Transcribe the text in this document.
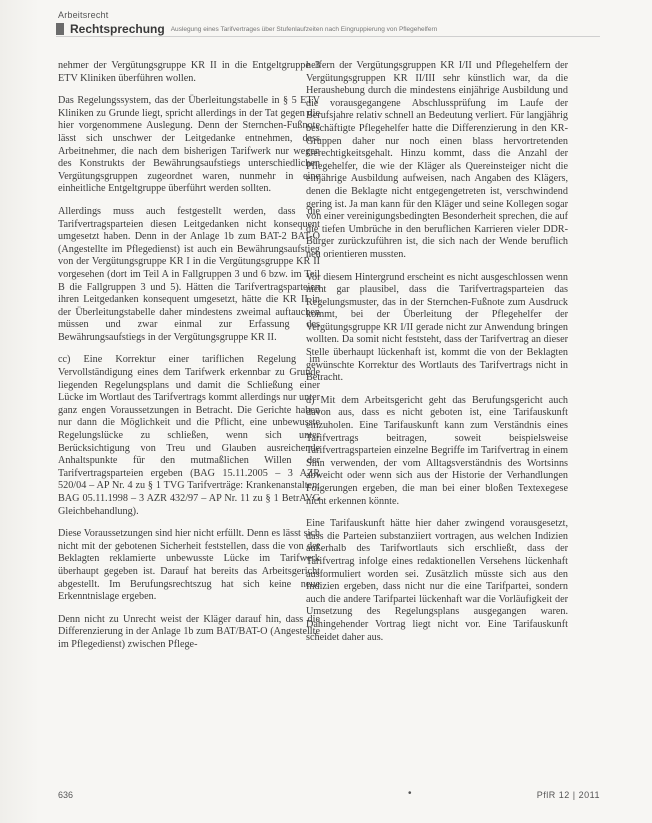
Arbeitsrecht
Rechtsprechung Auslegung eines Tarifvertrages über Stufenlaufzeiten nach Eingruppierung von Pflegehelfern

nehmer der Vergütungsgruppe KR II in die Entgeltgruppe 3 ETV Kliniken überführen wollen.

Das Regelungssystem, das der Überleitungstabelle in § 5 ETV Kliniken zu Grunde liegt, spricht allerdings in der Tat gegen die hier vorgenommene Auslegung. Denn der Sternchen-Fußnote lässt sich unschwer der Leitgedanke entnehmen, dass Arbeitnehmer, die nach dem bisherigen Tarifwerk nur wegen des Konstrukts der Bewährungsaufstiegs unterschiedlichen Vergütungsgruppen zugeordnet waren, nunmehr in eine einheitliche Entgeltgruppe überführt werden sollten.

Allerdings muss auch festgestellt werden, dass die Tarifvertragsparteien diesen Leitgedanken nicht konsequent umgesetzt haben. Denn in der Anlage 1b zum BAT-2 BAT-O (Angestellte im Pflegedienst) ist auch ein Bewährungsaufstieg von der Vergütungsgruppe KR I in die Vergütungsgruppe KR II vorgesehen (dort im Teil A in Fallgruppen 3 und 6 bzw. im Teil B die Fallgruppen 3 und 5). Hätten die Tarifvertragsparteien ihren Leitgedanken konsequent umgesetzt, hätte die KR II in der Überleitungstabelle daher mindestens zweimal auftauchen müssen und zwar einmal zur Erfassung des Bewährungsaufstiegs in der Vergütungsgruppe KR II.

cc) Eine Korrektur einer tariflichen Regelung im Vervollständigung eines dem Tarifwerk erkennbar zu Grunde liegenden Regelungsplans und damit die Schließung einer Lücke im Wortlaut des Tarifvertrags kommt allerdings nur unter ganz engen Voraussetzungen in Betracht. Die Gerichte haben nur dann die Möglichkeit und die Pflicht, eine unbewusste Regelungslücke zu schließen, wenn sich unter Berücksichtigung von Treu und Glauben ausreichende Anhaltspunkte für den mutmaßlichen Willen der Tarifvertragsparteien ergeben (BAG 15.11.2005 – 3 AZR 520/04 – AP Nr. 4 zu § 1 TVG Tarifverträge: Krankenanstalten; BAG 05.11.1998 – 3 AZR 432/97 – AP Nr. 11 zu § 1 BetrAVG Gleichbehandlung).

Diese Voraussetzungen sind hier nicht erfüllt. Denn es lässt sich nicht mit der gebotenen Sicherheit feststellen, dass die von der Beklagten reklamierte unbewusste Lücke im Tarifwerk überhaupt gegeben ist. Darauf hat bereits das Arbeitsgericht abgestellt. Im Berufungsrechtszug hat sich keine neue Erkenntnislage ergeben.

Denn nicht zu Unrecht weist der Kläger darauf hin, dass die Differenzierung in der Anlage 1b zum BAT/BAT-O (Angestellte im Pflegedienst) zwischen Pflege-

helfern der Vergütungsgruppen KR I/II und Pflegehelfern der Vergütungsgruppen KR II/III sehr künstlich war, da die Heraushebung durch die mindestens einjährige Ausbildung und die vorausgegangene Abschlussprüfung im Laufe der Berufsjahre relativ schnell an Bedeutung verliert. Für langjährig beschäftigte Pflegehelfer hatte die Differenzierung in den KR-Gruppen daher nur noch einen blass hervortretenden Gerechtigkeitsgehalt. Hinzu kommt, dass die Anzahl der Pflegehelfer, die wie der Kläger als Quereinsteiger nicht die einjährige Ausbildung aufweisen, nach Angaben des Klägers, denen die Beklagte nicht entgegengetreten ist, verschwindend gering ist. Ja man kann für den Kläger und seine Kollegen sogar von einer vereinigungsbedingten Besonderheit sprechen, die auf die tiefen Umbrüche in den beruflichen Karrieren vieler DDR-Bürger zurückzuführen ist, die sich nach der Wende beruflich neu orientieren mussten.

Vor diesem Hintergrund erscheint es nicht ausgeschlossen wenn nicht gar plausibel, dass die Tarifvertragsparteien das Regelungsmuster, das in der Sternchen-Fußnote zum Ausdruck kommt, bei der Überleitung der Pflegehelfer der Vergütungsgruppe KR I/II gerade nicht zur Anwendung bringen wollten. Da somit nicht feststeht, dass der Tarifvertrag an dieser Stelle überhaupt lückenhaft ist, kommt die von der Beklagten gewünschte Korrektur des Wortlauts des Tarifvertrags nicht in Betracht.

d) Mit dem Arbeitsgericht geht das Berufungsgericht auch davon aus, dass es nicht geboten ist, eine Tarifauskunft einzuholen. Eine Tarifauskunft kann zum Verständnis eines Tarifvertrags beitragen, soweit beispielsweise Tarifvertragsparteien einzelne Begriffe im Tarifvertrag in einem Sinn verwenden, der vom Alltagsverständnis des Wortsinns abweicht oder wenn sich aus der Historie der Verhandlungen Folgerungen ergeben, die man bei einer bloßen Textexegese nicht erkennen könnte.

Eine Tarifauskunft hätte hier daher zwingend vorausgesetzt, dass die Parteien substanziiert vortragen, aus welchen Indizien außerhalb des Tarifwortlauts sich erschließt, dass der Tarifvertrag infolge eines redaktionellen Versehens lückenhaft ausformuliert worden sei. Zusätzlich müsste sich aus den Indizien ergeben, dass nicht nur die eine Tarifpartei, sondern auch die andere Tarifpartei lückenhaft war die Vorläufigkeit der Umsetzung des Regelungsplans ausgegangen waren. Dahingehender Vortrag liegt nicht vor. Eine Tarifauskunft scheidet daher aus.

636	•	PflR 12 | 2011
